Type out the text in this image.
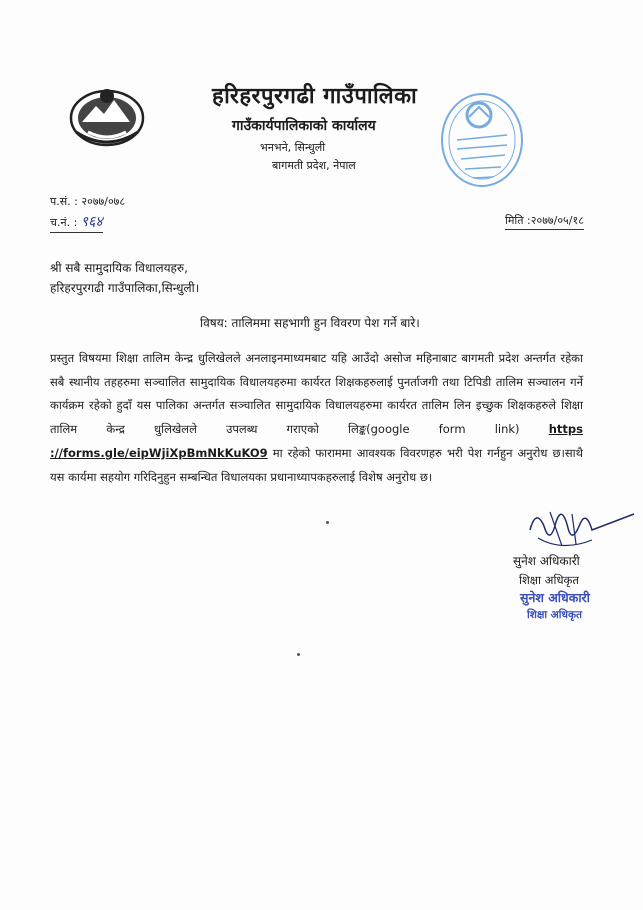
हरिहरपुरगढी गाउँपालिका
गाउँकार्यपालिकाको कार्यालय
भनभने, सिन्धुली
बागमती प्रदेश, नेपाल
प.सं. : २०७७/०७८
च.नं. : ९६४	मिति :२०७७/०५/१८
श्री सबै सामुदायिक विधालयहरु,
हरिहरपुरगढी गाउँपालिका,सिन्धुली।
विषय: तालिममा सहभागी हुन विवरण पेश गर्ने बारे।
प्रस्तुत विषयमा शिक्षा तालिम केन्द्र धुलिखेलले अनलाइनमाध्यमबाट यहि आउँदो असोज महिनाबाट बागमती प्रदेश अन्तर्गत रहेका सबै स्थानीय तहहरुमा सञ्चालित सामुदायिक विधालयहरुमा कार्यरत शिक्षकहरुलाई पुनर्ताजगी तथा टिपिडी तालिम सञ्चालन गर्ने कार्यक्रम रहेको हुदाँ यस पालिका अन्तर्गत सञ्चालित सामुदायिक विधालयहरुमा कार्यरत तालिम लिन इच्छुक शिक्षकहरुले शिक्षा तालिम केन्द्र धुलिखेलले उपलब्ध गराएको लिङ्क(google form link)	https ://forms.gle/eipWjiXpBmNkKuKO9 मा रहेको फाराममा आवश्यक विवरणहरु भरी पेश गर्नहुन अनुरोध छ।साथै यस कार्यमा सहयोग गरिदिनुहुन सम्बन्धित विधालयका प्रधानाध्यापकहरुलाई विशेष अनुरोध छ।
सुनेश अधिकारी
शिक्षा अधिकृत
सुनेश अधिकारी
शिक्षा अधिकृत
